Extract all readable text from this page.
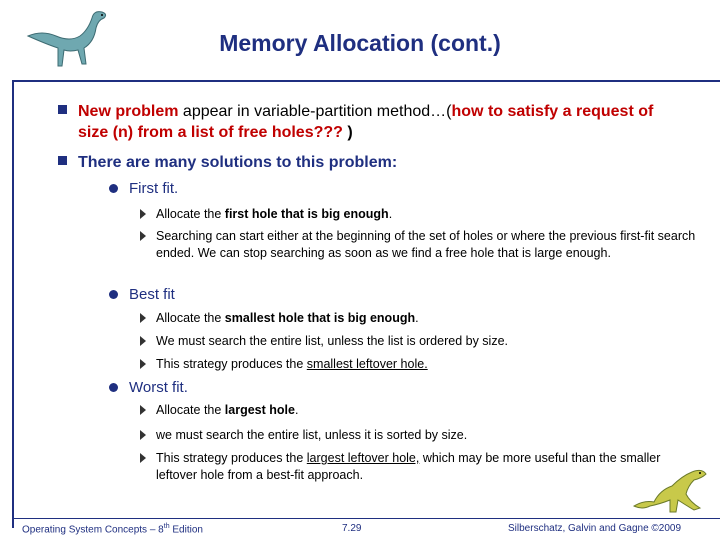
Memory Allocation (cont.)
New problem appear in variable-partition method…(how to satisfy a request of size (n) from a list of free holes??? )
There are many solutions to this problem:
First fit.
Allocate the first hole that is big enough.
Searching can start either at the beginning of the set of holes or where the previous first-fit search ended. We can stop searching as soon as we find a free hole that is large enough.
Best fit
Allocate the smallest hole that is big enough.
We must search the entire list, unless the list is ordered by size.
This strategy produces the smallest leftover hole.
Worst fit.
Allocate the largest hole.
we must search the entire list, unless it is sorted by size.
This strategy produces the largest leftover hole, which may be more useful than the smaller leftover hole from a best-fit approach.
Operating System Concepts – 8th Edition	7.29	Silberschatz, Galvin and Gagne ©2009
